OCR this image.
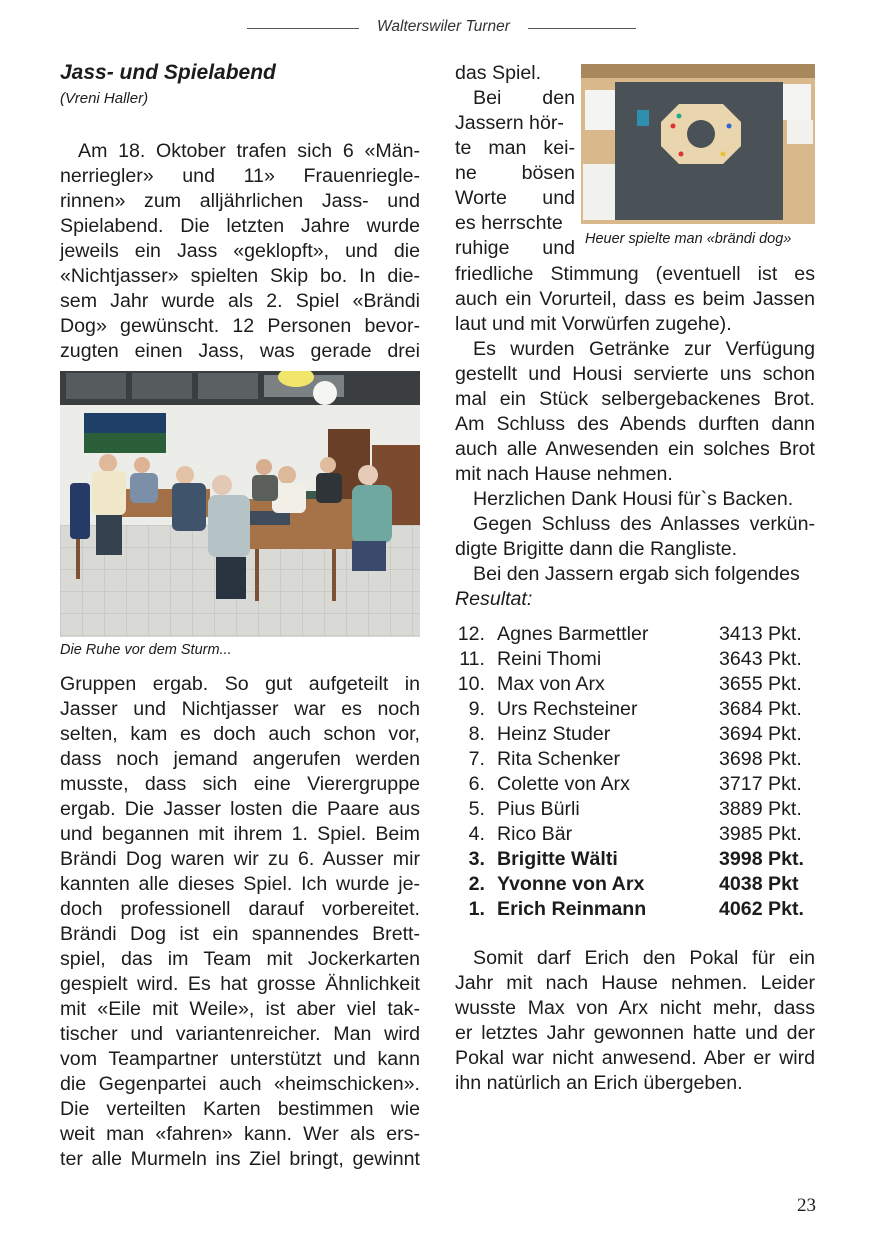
Walterswiler Turner
Jass- und Spielabend

(Vreni Haller)

Am 18. Oktober trafen sich 6 «Män-
nerriegler» und 11» Frauenriegle-
rinnen» zum alljährlichen Jass- und
Spielabend. Die letzten Jahre wurde
jeweils ein Jass «geklopft», und die
«Nichtjasser» spielten Skip bo. In die-
sem Jahr wurde als 2. Spiel «Brändi
Dog» gewünscht. 12 Personen bevor-
zugten einen Jass, was gerade drei

Die Ruhe vor dem Sturm...

Gruppen ergab. So gut aufgeteilt in
Jasser und Nichtjasser war es noch
selten, kam es doch auch schon vor,
dass noch jemand angerufen werden
musste, dass sich eine Vierergruppe
ergab. Die Jasser losten die Paare aus
und begannen mit ihrem 1. Spiel. Beim
Brändi Dog waren wir zu 6. Ausser mir
kannten alle dieses Spiel. Ich wurde je-
doch professionell darauf vorbereitet.
Brändi Dog ist ein spannendes Brett-
spiel, das im Team mit Jockerkarten
gespielt wird. Es hat grosse Ähnlichkeit
mit «Eile mit Weile», ist aber viel tak-
tischer und variantenreicher. Man wird
vom Teampartner unterstützt und kann
die Gegenpartei auch «heimschicken».
Die verteilten Karten bestimmen wie
weit man «fahren» kann. Wer als ers-
ter alle Murmeln ins Ziel bringt, gewinnt
das Spiel.
Bei den
Jassern hör-
te man kei-
ne bösen
Worte und
es herrschte
ruhige und Heuer spielte man «brändi dog»

friedliche Stimmung (eventuell ist es
auch ein Vorurteil, dass es beim Jassen
laut und mit Vorwürfen zugehe).
Es wurden Getränke zur Verfügung
gestellt und Housi servierte uns schon
mal ein Stück selbergebackenes Brot.
Am Schluss des Abends durften dann
auch alle Anwesenden ein solches Brot
mit nach Hause nehmen.
Herzlichen Dank Housi für`s Backen.
Gegen Schluss des Anlasses verkün-
digte Brigitte dann die Rangliste.
Bei den Jassern ergab sich folgendes
Resultat:
12. Agnes Barmettler	3413 Pkt.
11. Reini Thomi	3643 Pkt.
10. Max von Arx	3655 Pkt.
9. Urs Rechsteiner	3684 Pkt.
8. Heinz Studer	3694 Pkt.
7. Rita Schenker	3698 Pkt.
6. Colette von Arx	3717 Pkt.
5. Pius Bürli	3889 Pkt.
4. Rico Bär	3985 Pkt.
3. Brigitte Wälti	3998 Pkt.
2. Yvonne von Arx	4038 Pkt
1. Erich Reinmann	4062 Pkt.
Somit darf Erich den Pokal für ein
Jahr mit nach Hause nehmen. Leider
wusste Max von Arx nicht mehr, dass
er letztes Jahr gewonnen hatte und der
Pokal war nicht anwesend. Aber er wird
ihn natürlich an Erich übergeben.
23
